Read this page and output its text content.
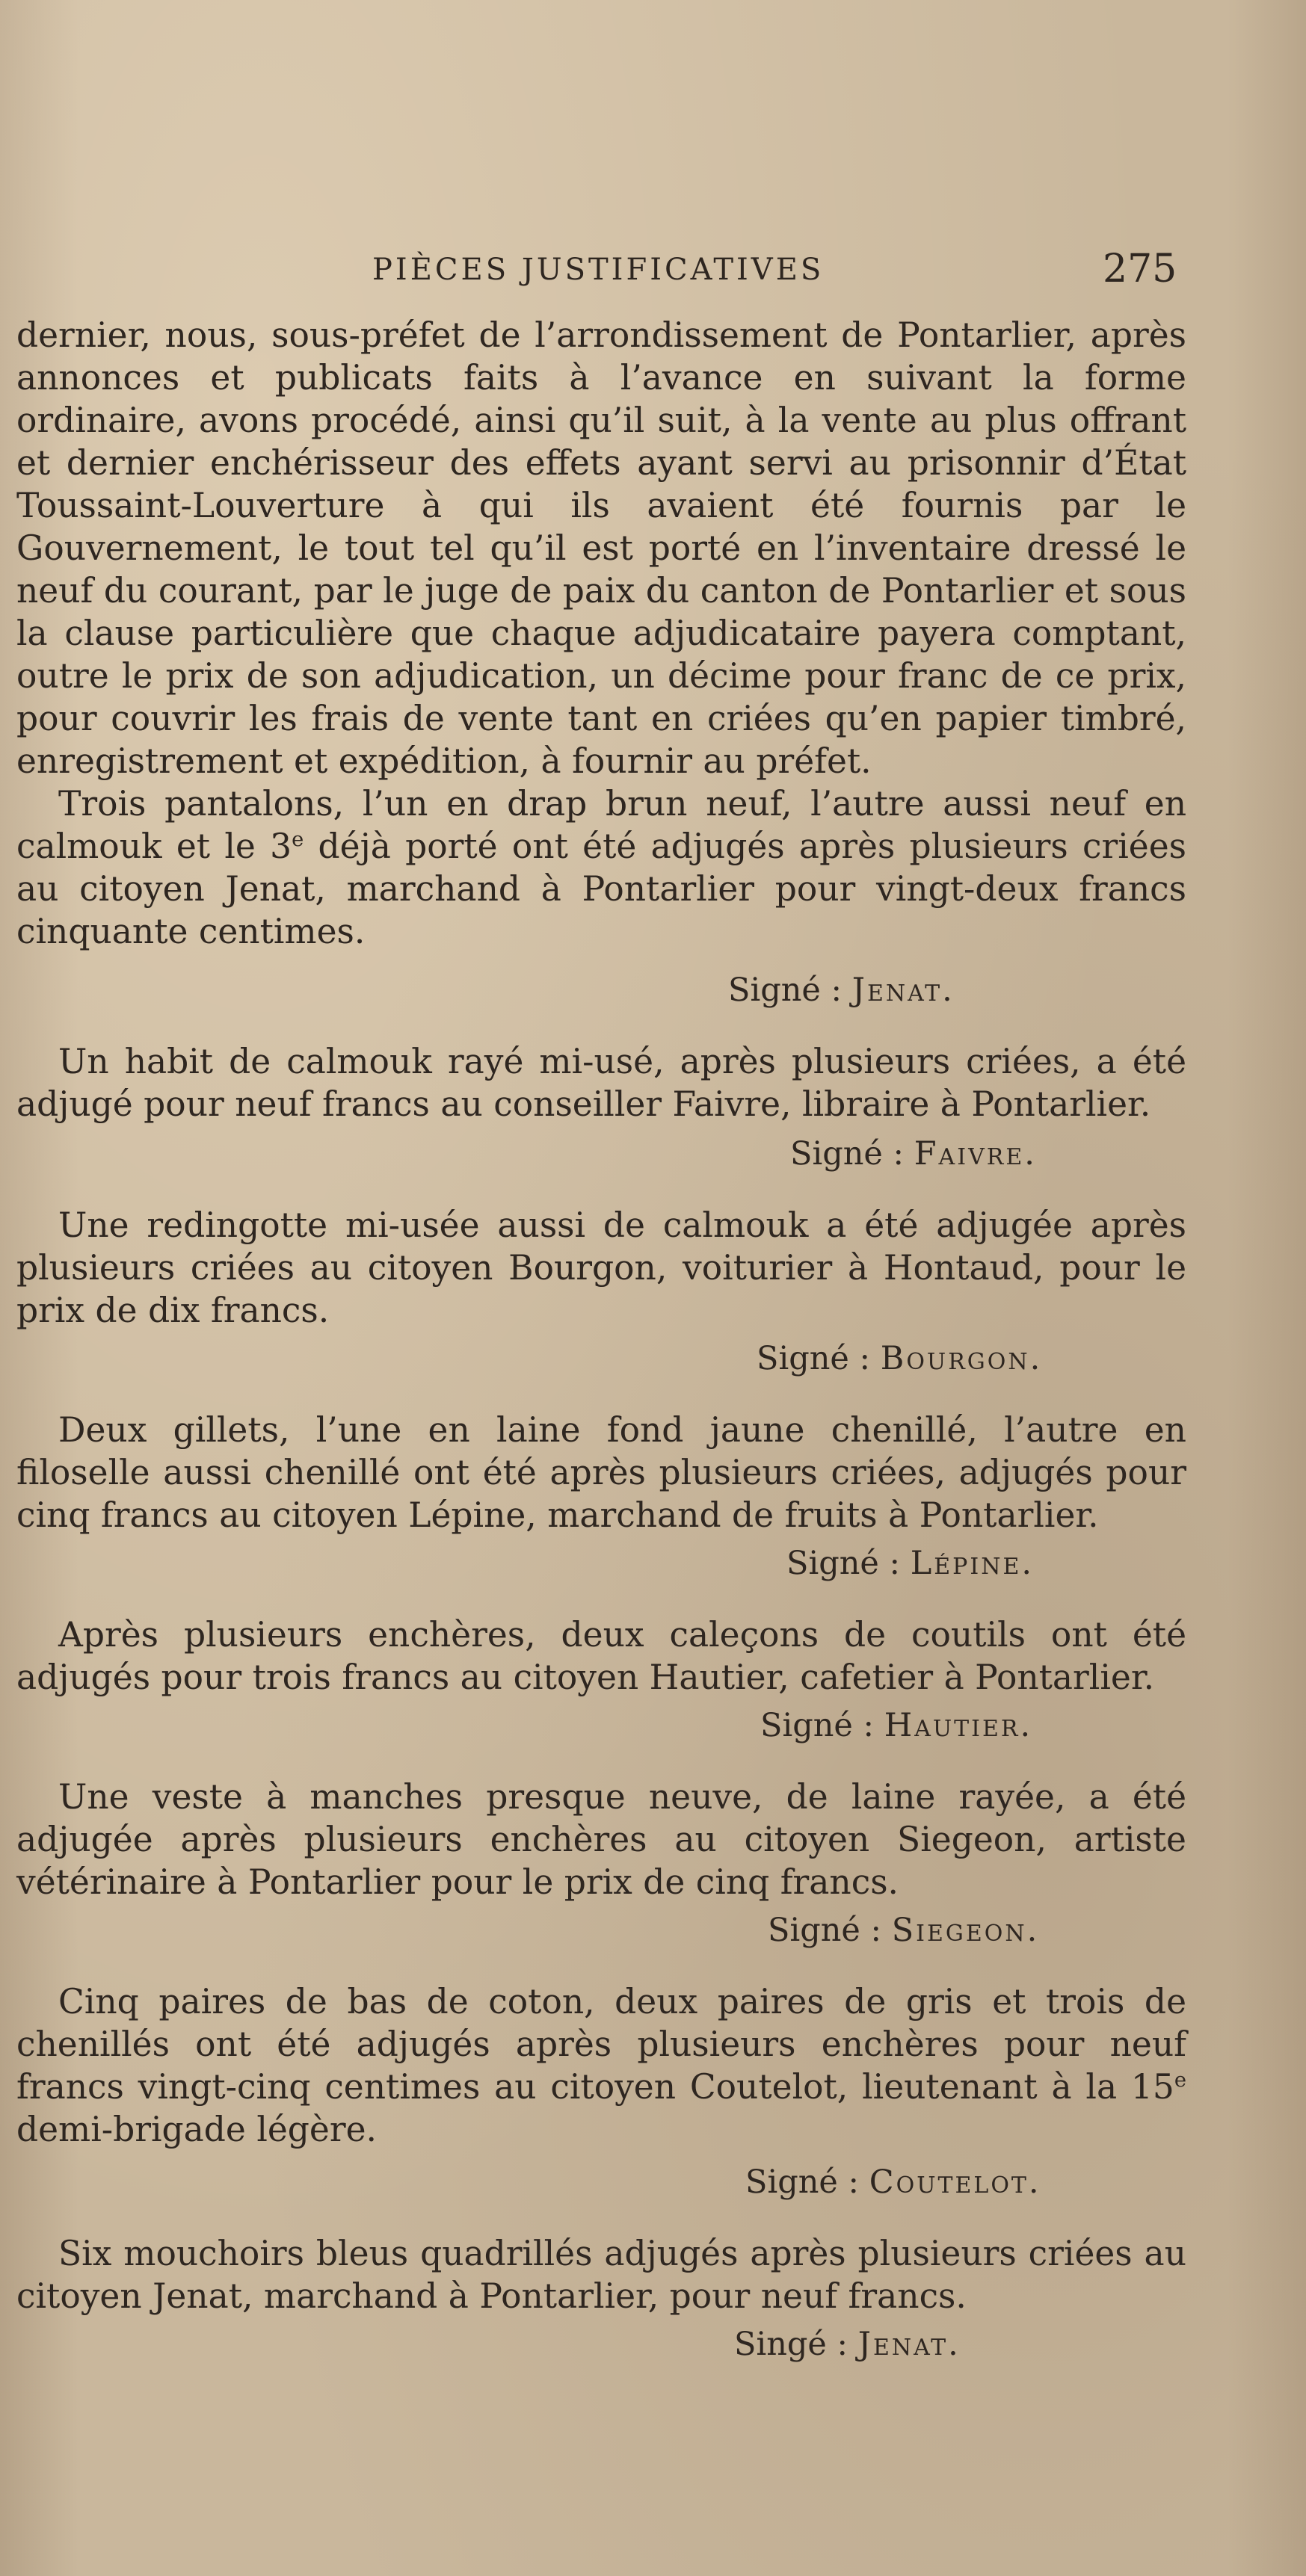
PIÈCES JUSTIFICATIVES	275

dernier, nous, sous-préfet de l’arrondissement de Pontarlier, après annonces et publicats faits à l’avance en suivant la forme ordinaire, avons procédé, ainsi qu’il suit, à la vente au plus offrant et dernier enchérisseur des effets ayant servi au prisonnir d’État Toussaint-Louverture à qui ils avaient été fournis par le Gouvernement, le tout tel qu’il est porté en l’inventaire dressé le neuf du courant, par le juge de paix du canton de Pontarlier et sous la clause particulière que chaque adjudicataire payera comptant, outre le prix de son adjudication, un décime pour franc de ce prix, pour couvrir les frais de vente tant en criées qu’en papier timbré, enregistrement et expédition, à fournir au préfet.

Trois pantalons, l’un en drap brun neuf, l’autre aussi neuf en calmouk et le 3e déjà porté ont été adjugés après plusieurs criées au citoyen Jenat, marchand à Pontarlier pour vingt-deux francs cinquante centimes.

Signé : Jenat.

Un habit de calmouk rayé mi-usé, après plusieurs criées, a été adjugé pour neuf francs au conseiller Faivre, libraire à Pontarlier.

Signé : Faivre.

Une redingotte mi-usée aussi de calmouk a été adjugée après plusieurs criées au citoyen Bourgon, voiturier à Hontaud, pour le prix de dix francs.

Signé : Bourgon.

Deux gillets, l’une en laine fond jaune chenillé, l’autre en filoselle aussi chenillé ont été après plusieurs criées, adjugés pour cinq francs au citoyen Lépine, marchand de fruits à Pontarlier.

Signé : Lépine.

Après plusieurs enchères, deux caleçons de coutils ont été adjugés pour trois francs au citoyen Hautier, cafetier à Pontarlier.

Signé : Hautier.

Une veste à manches presque neuve, de laine rayée, a été adjugée après plusieurs enchères au citoyen Siegeon, artiste vétérinaire à Pontarlier pour le prix de cinq francs.

Signé : Siegeon.

Cinq paires de bas de coton, deux paires de gris et trois de chenillés ont été adjugés après plusieurs enchères pour neuf francs vingt-cinq centimes au citoyen Coutelot, lieutenant à la 15e demi-brigade légère.

Signé : Coutelot.

Six mouchoirs bleus quadrillés adjugés après plusieurs criées au citoyen Jenat, marchand à Pontarlier, pour neuf francs.

Singé : Jenat.
